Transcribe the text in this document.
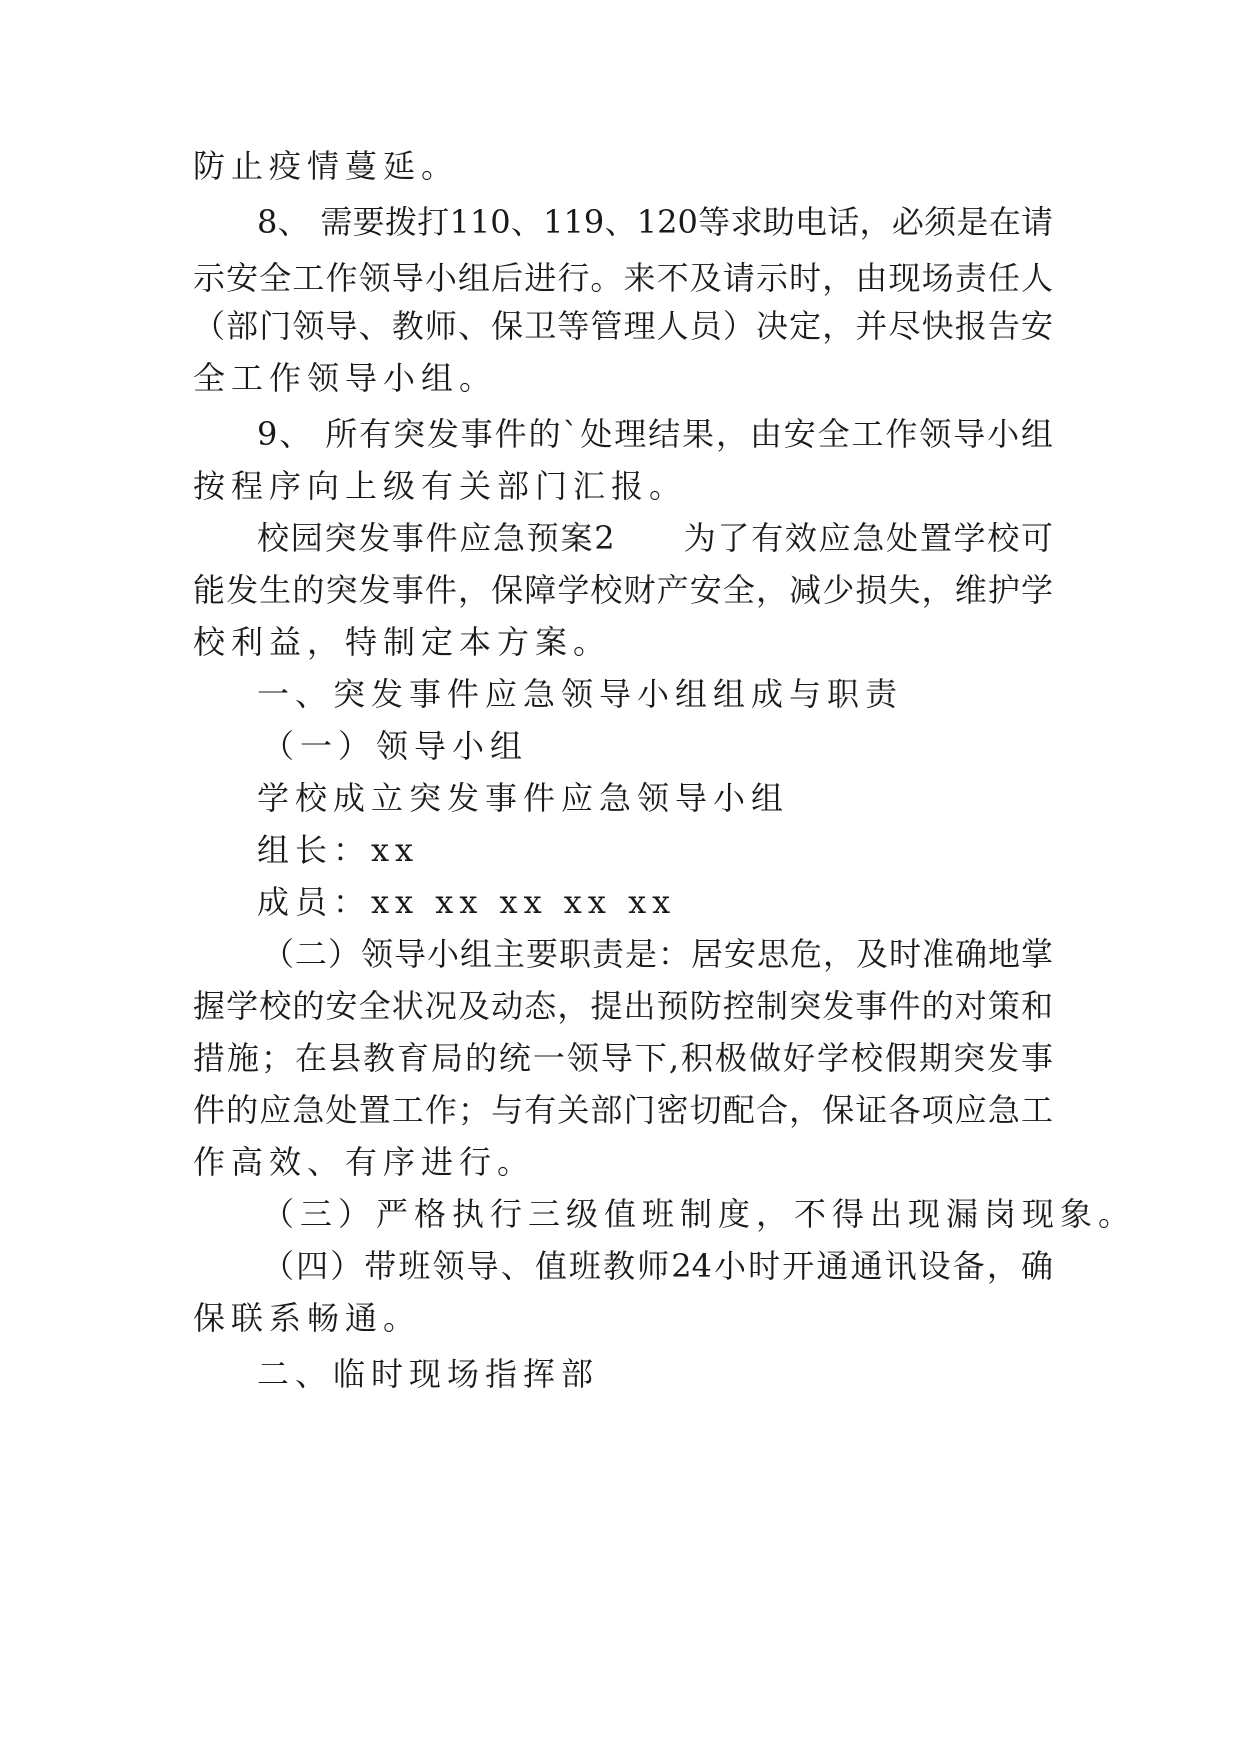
防止疫情蔓延。
8、 需要拨打110、119、120等求助电话，必须是在请
示安全工作领导小组后进行。来不及请示时，由现场责任人
（部门领导、教师、保卫等管理人员）决定，并尽快报告安
全工作领导小组。
9、 所有突发事件的`处理结果，由安全工作领导小组
按程序向上级有关部门汇报。
校园突发事件应急预案2　　为了有效应急处置学校可
能发生的突发事件，保障学校财产安全，减少损失，维护学
校利益，特制定本方案。
一、突发事件应急领导小组组成与职责
（一）领导小组
学校成立突发事件应急领导小组
组长：xx
成员：xx xx xx xx xx
（二）领导小组主要职责是：居安思危，及时准确地掌
握学校的安全状况及动态，提出预防控制突发事件的对策和
措施；在县教育局的统一领导下,积极做好学校假期突发事
件的应急处置工作；与有关部门密切配合，保证各项应急工
作高效、有序进行。
（三）严格执行三级值班制度，不得出现漏岗现象。
（四）带班领导、值班教师24小时开通通讯设备，确
保联系畅通。
二、临时现场指挥部
